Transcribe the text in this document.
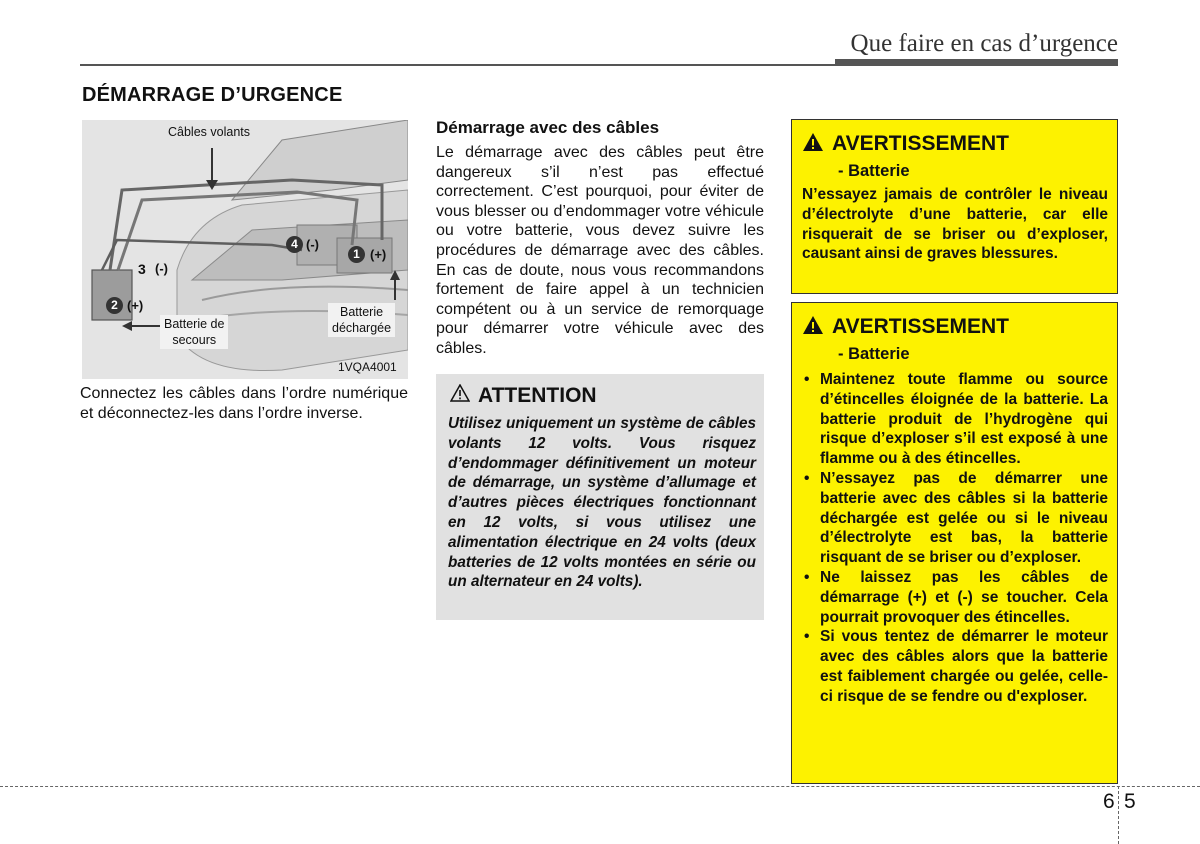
Que faire en cas d’urgence
DÉMARRAGE D’URGENCE
Câbles volants
4 (-)
1 (+)
3 (-)
2 (+)
Batterie de
secours
Batterie
déchargée
1VQA4001
Connectez les câbles dans l’ordre numérique et déconnectez-les dans l’ordre inverse.
Démarrage avec des câbles
Le démarrage avec des câbles peut être dangereux s’il n’est pas effectué correctement. C’est pourquoi, pour éviter de vous blesser ou d’endommager votre véhicule ou votre batterie, vous devez suivre les procédures de démarrage avec des câbles. En cas de doute, nous vous recommandons fortement de faire appel à un technicien compétent ou à un service de remorquage pour démarrer votre véhicule avec des câbles.
ATTENTION
Utilisez uniquement un système de câbles volants 12 volts. Vous risquez d’endommager définitivement un moteur de démarrage, un système d’allumage et d’autres pièces électriques fonctionnant en 12 volts, si vous utilisez une alimentation électrique en 24 volts (deux batteries de 12 volts montées en série ou un alternateur en 24 volts).
AVERTISSEMENT
- Batterie
N’essayez jamais de contrôler le niveau d’électrolyte d’une batterie, car elle risquerait de se briser ou d’exploser, causant ainsi de graves blessures.
AVERTISSEMENT
- Batterie
• Maintenez toute flamme ou source d’étincelles éloignée de la batterie. La batterie produit de l’hydrogène qui risque d’exploser s’il est exposé à une flamme ou à des étincelles.
• N’essayez pas de démarrer une batterie avec des câbles si la batterie déchargée est gelée ou si le niveau d’électrolyte est bas, la batterie risquant de se briser ou d’exploser.
• Ne laissez pas les câbles de démarrage (+) et (-) se toucher. Cela pourrait provoquer des étincelles.
• Si vous tentez de démarrer le moteur avec des câbles alors que la batterie est faiblement chargée ou gelée, celle-ci risque de se fendre ou d'exploser.
6 5
